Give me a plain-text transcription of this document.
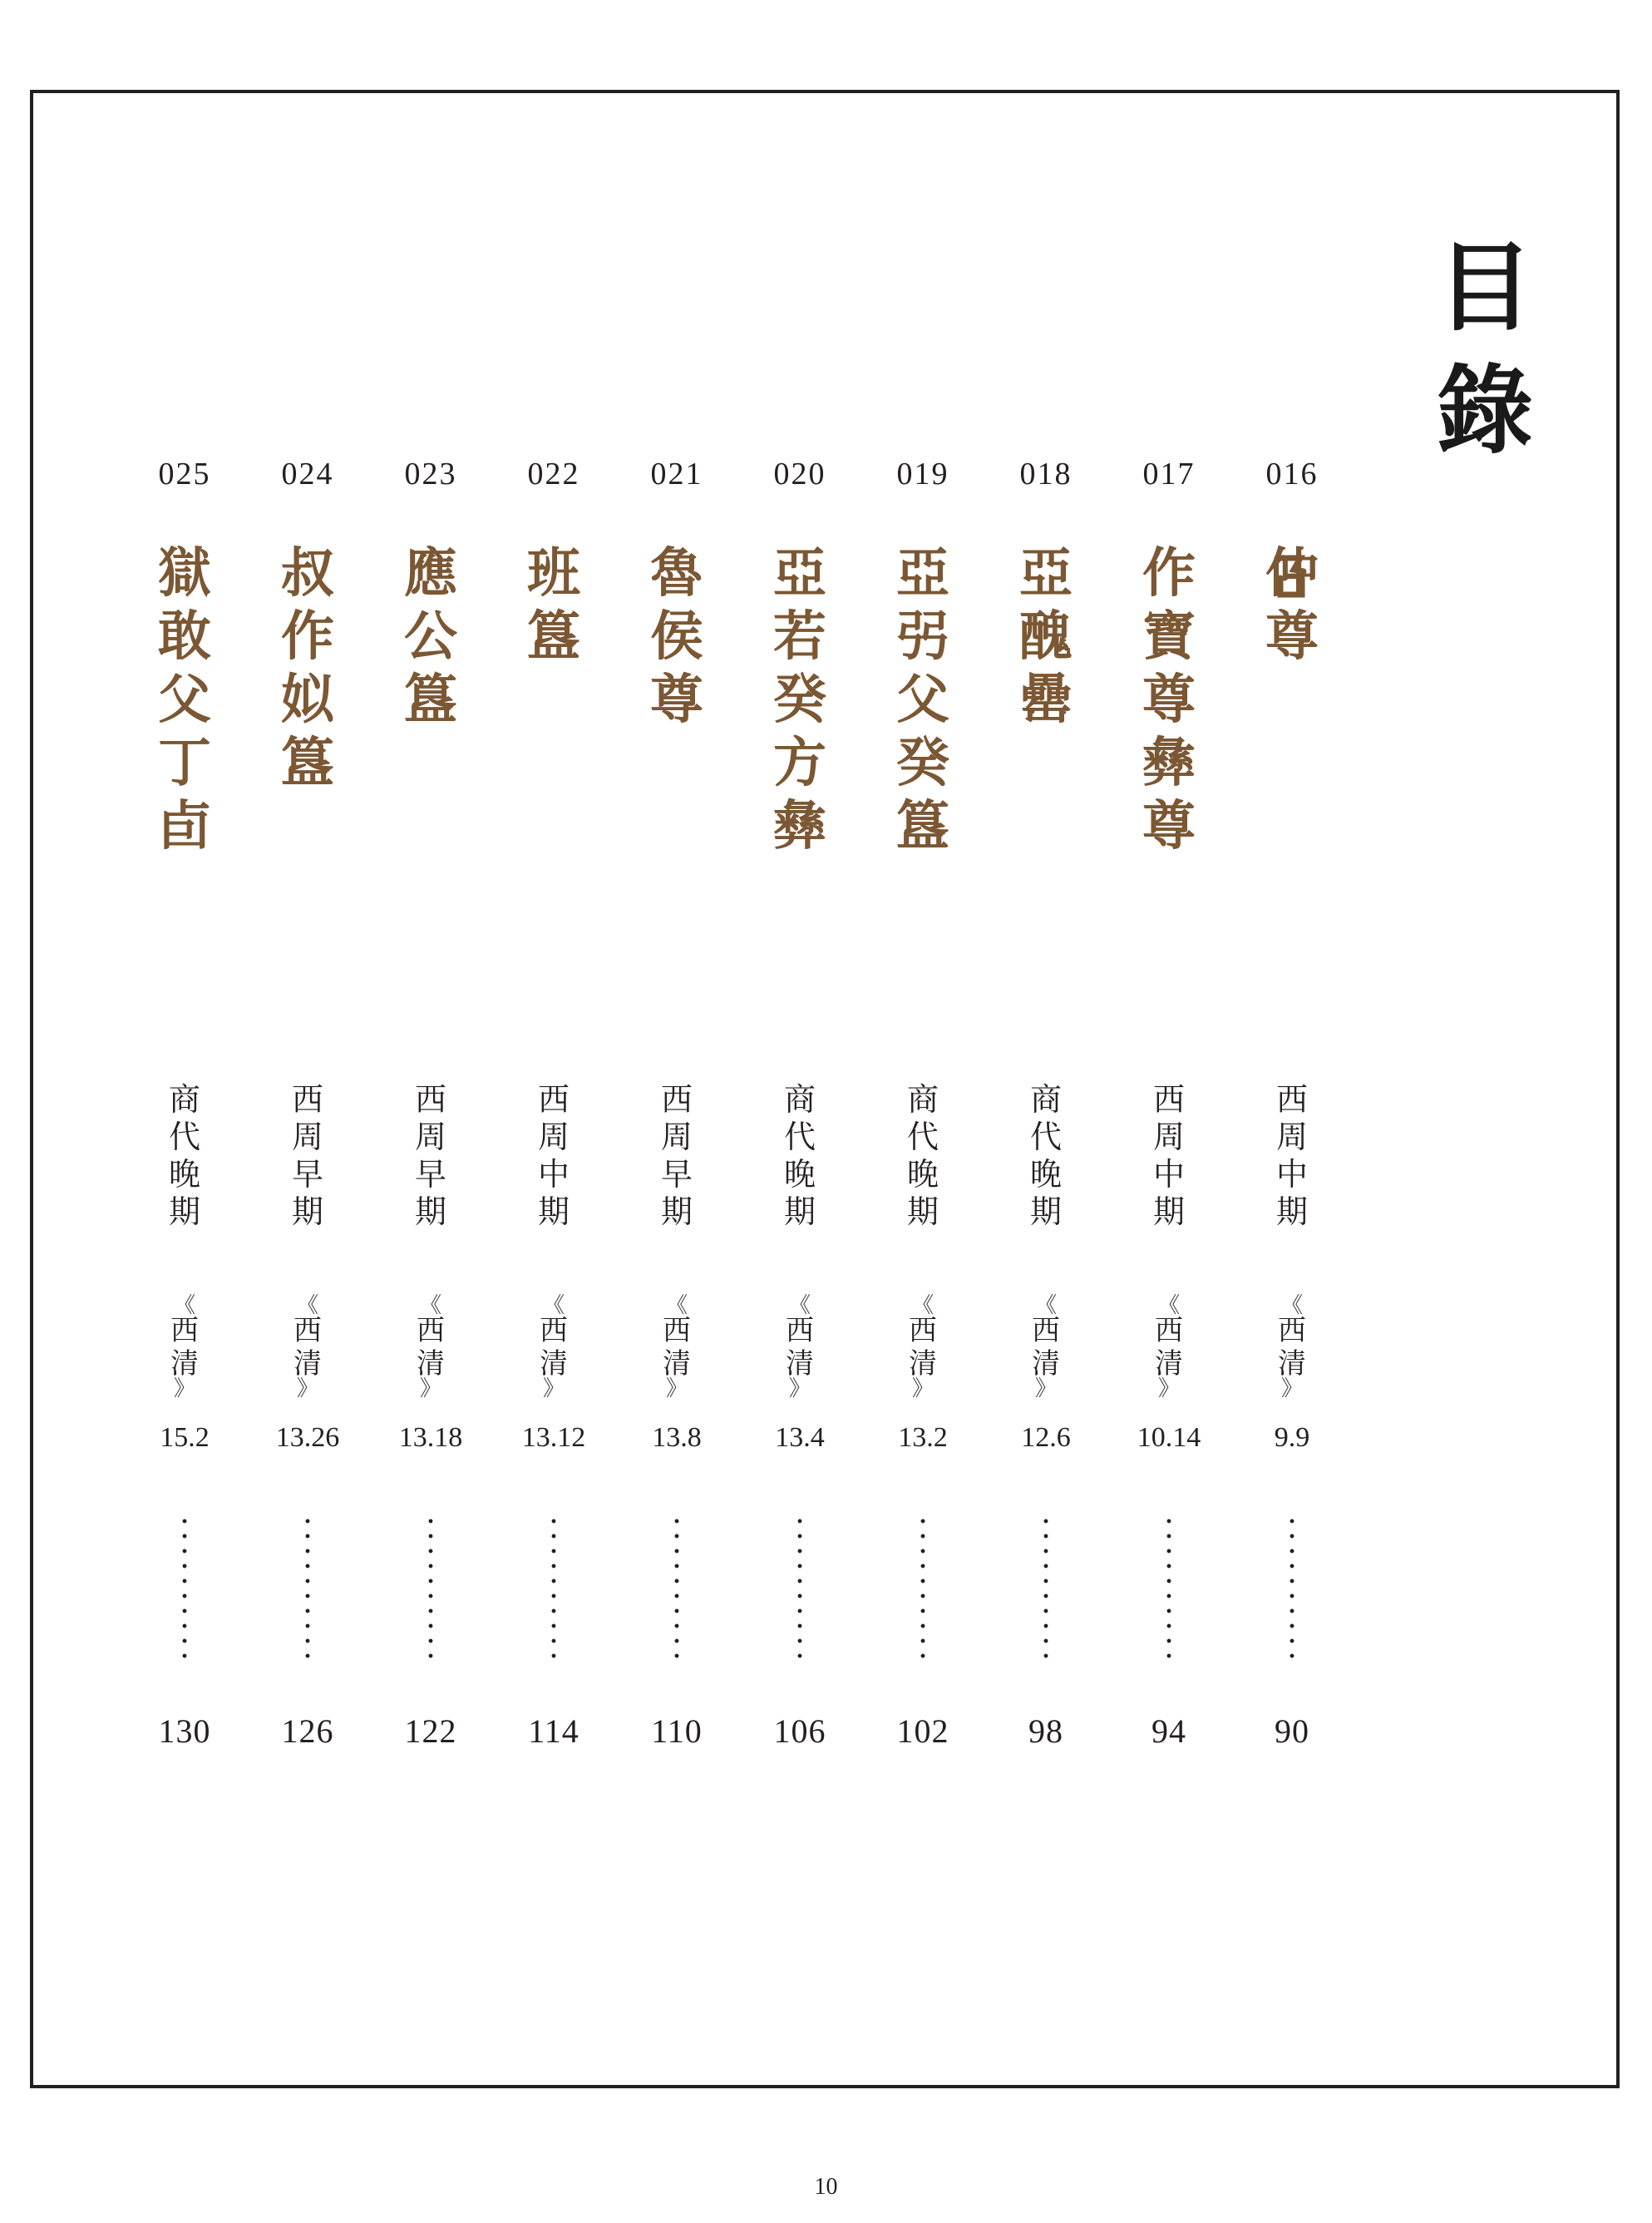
目
錄
016
仲
尊
西
周
中
期
《
西
清
》
9.9
90
017
作
寶
尊
彝
尊
西
周
中
期
《
西
清
》
10.14
94
018
亞
醜
罍
商
代
晚
期
《
西
清
》
12.6
98
019
亞
弜
父
癸
簋
商
代
晚
期
《
西
清
》
13.2
102
020
亞
若
癸
方
彝
商
代
晚
期
《
西
清
》
13.4
106
021
魯
侯
尊
西
周
早
期
《
西
清
》
13.8
110
022
班
簋
西
周
中
期
《
西
清
》
13.12
114
023
應
公
簋
西
周
早
期
《
西
清
》
13.18
122
024
叔
作
姒
簋
西
周
早
期
《
西
清
》
13.26
126
025
獄
敢
父
丁
卣
商
代
晚
期
《
西
清
》
15.2
130
10
